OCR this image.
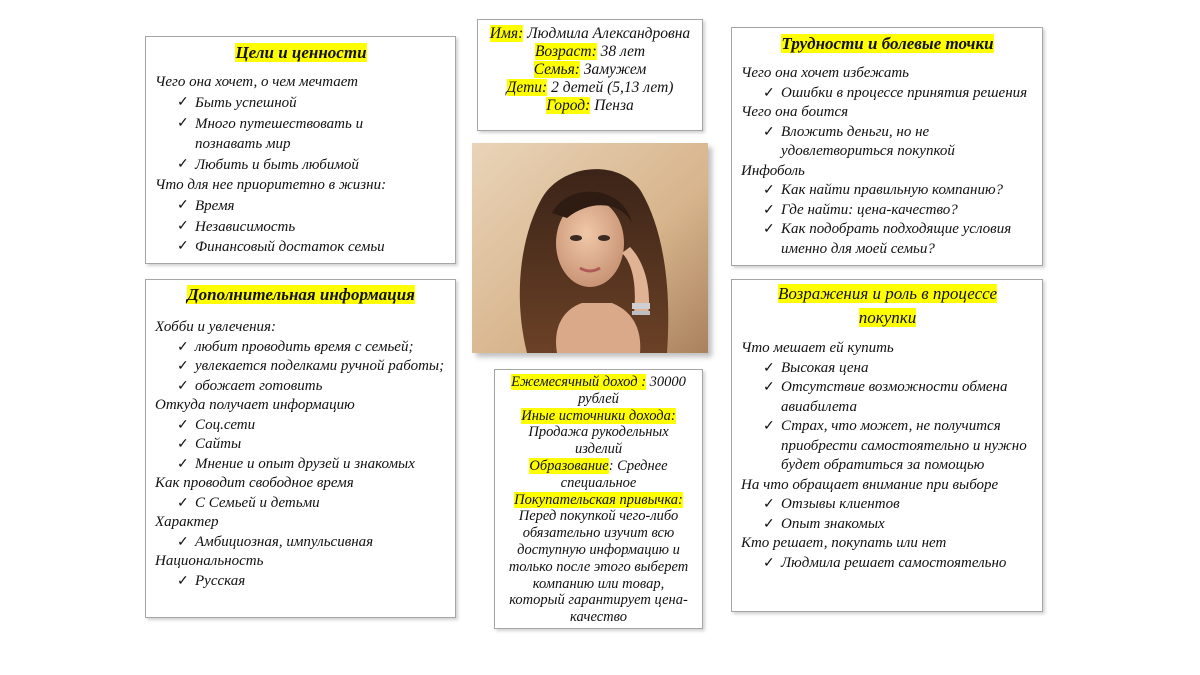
Цели и ценности

Чего она хочет, о чем мечтает

✓ Быть успешной

✓ Много путешествовать и
познавать мир

✓ Любить и быть любимой

Что для нее приоритетно в жизни:

✓ Время

✓ Независимость

✓ Финансовый достаток семьи

Имя: Людмила Александровна

Возраст: 38 лет

Семья: Замужем

Дети: 2 детей (5,13 лет)

Город: Пенза

Трудности и болевые точки

Чего она хочет избежать

✓ Ошибки в процессе принятия решения

Чего она боится

✓ Вложить деньги, но не
удовлетвориться покупкой

Инфоболь

✓ Как найти правильную компанию?

✓ Где найти: цена-качество?

✓ Как подобрать подходящие условия
именно для моей семьи?

Дополнительная информация

Хобби и увлечения:

✓ любит проводить время с семьей;

✓ увлекается поделками ручной работы;

✓ обожает готовить

Откуда получает информацию

✓ Соц.сети

✓ Сайты

✓ Мнение и опыт друзей и знакомых

Как проводит свободное время

✓ С Семьей и детьми

Характер

✓ Амбициозная, импульсивная

Национальность

✓ Русская

Ежемесячный доход : 30000

рублей

Иные источники дохода:

Продажа рукодельных

изделий

Образование: Среднее

специальное

Покупательская привычка:

Перед покупкой чего-либо

обязательно изучит всю

доступную информацию и

только после этого выберет

компанию или товар,

который гарантирует цена-

качество

Возражения и роль в процессе

покупки

Что мешает ей купить

✓ Высокая цена

✓ Отсутствие возможности обмена
авиабилета

✓ Страх, что может, не получится
приобрести самостоятельно и нужно
будет обратиться за помощью

На что обращает внимание при выборе

✓ Отзывы клиентов

✓ Опыт знакомых

Кто решает, покупать или нет

✓ Людмила решает самостоятельно
